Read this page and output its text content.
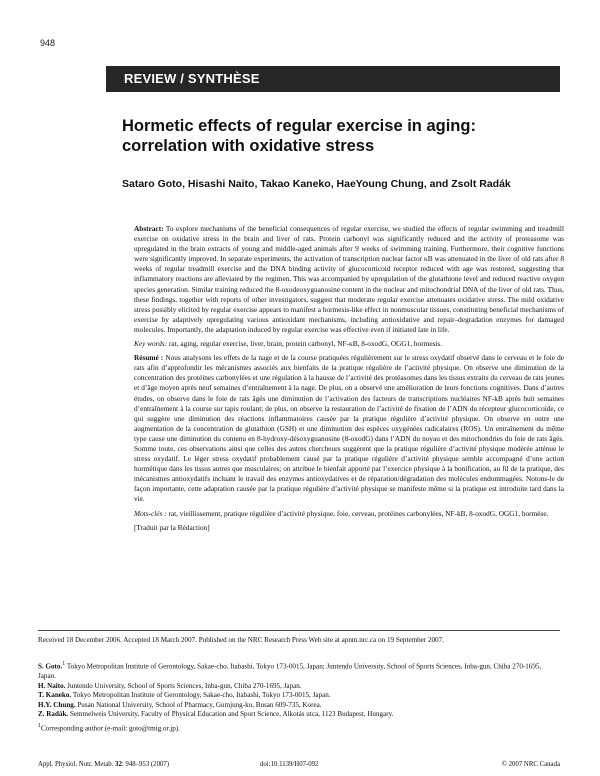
948
REVIEW / SYNTHÈSE
Hormetic effects of regular exercise in aging: correlation with oxidative stress
Sataro Goto, Hisashi Naito, Takao Kaneko, HaeYoung Chung, and Zsolt Radák

Abstract: To explore mechanisms of the beneficial consequences of regular exercise, we studied the effects of regular swimming and treadmill exercise on oxidative stress in the brain and liver of rats. Protein carbonyl was significantly reduced and the activity of proteasome was upregulated in the brain extracts of young and middle-aged animals after 9 weeks of swimming training. Furthermore, their cognitive functions were significantly improved. In separate experiments, the activation of transcription nuclear factor κB was attenuated in the liver of old rats after 8 weeks of regular treadmill exercise and the DNA binding activity of glucocorticoid receptor reduced with age was restored, suggesting that inflammatory reactions are alleviated by the regimen. This was accompanied by upregulation of the glutathione level and reduced reactive oxygen species generation. Similar training reduced the 8-oxodeoxyguanosine content in the nuclear and mitochondrial DNA of the liver of old rats. Thus, these findings, together with reports of other investigators, suggest that moderate regular exercise attenuates oxidative stress. The mild oxidative stress possibly elicited by regular exercise appears to manifest a hormesis-like effect in nonmuscular tissues, constituting beneficial mechanisms of exercise by adaptively upregulating various antioxidant mechanisms, including antioxidative and repair–degradation enzymes for damaged molecules. Importantly, the adaptation induced by regular exercise was effective even if initiated late in life.

Key words: rat, aging, regular exercise, liver, brain, protein carbonyl, NF-κB, 8-oxodG, OGG1, hormesis.

Résumé : Nous analysons les effets de la nage et de la course pratiquées régulièrement sur le stress oxydatif observé dans le cerveau et le foie de rats afin d’approfondir les mécanismes associés aux bienfaits de la pratique régulière de l’activité physique. On observe une diminution de la concentration des protéines carbonylées et une régulation à la hausse de l’activité des protéasomes dans les tissus extraits du cerveau de rats jeunes et d’âge moyen après neuf semaines d’entraînement à la nage. De plus, on a observé une amélioration de leurs fonctions cognitives. Dans d’autres études, on observe dans le foie de rats âgés une diminution de l’activation des facteurs de transcriptions nucléaires NF-kB après huit semaines d’entraînement à la course sur tapis roulant; de plus, on observe la restauration de l’activité de fixation de l’ADN du récepteur glucocorticoïde, ce qui suggère une diminution des réactions inflammatoires causée par la pratique régulière d’activité physique. On observe en outre une augmentation de la concentration de glutathion (GSH) et une diminution des espèces oxygénées radicalaires (ROS). Un entraînement du même type cause une diminution du contenu en 8-hydroxy-désoxyguanosine (8-oxodG) dans l’ADN du noyau et des mitochondries du foie de rats âgés. Somme toute, ces observations ainsi que celles des autres chercheurs suggèrent que la pratique régulière d’activité physique modérée atténue le stress oxydatif. Le léger stress oxydatif probablement causé par la pratique régulière d’activité physique semble accompagné d’une action hormétique dans les tissus autres que musculaires; on attribue le bienfait apporté par l’exercice physique à la bonification, au fil de la pratique, des mécanismes antioxydatifs incluant le travail des enzymes antioxydatives et de réparation/dégradation des molécules endommagées. Notons-le de façon importante, cette adaptation causée par la pratique régulière d’activité physique se manifeste même si la pratique est introduite tard dans la vie.

Mots-clés : rat, vieillissement, pratique régulière d’activité physique, foie, cerveau, protéines carbonylées, NF-kB, 8-oxodG, OGG1, hormèse.

[Traduit par la Rédaction]

Received 18 December 2006. Accepted 18 March 2007. Published on the NRC Research Press Web site at apnm.nrc.ca on 19 September 2007.

S. Goto.$^1$ Tokyo Metropolitan Institute of Gerontology, Sakae-cho, Itabashi, Tokyo 173-0015, Japan; Juntendo University, School of Sports Sciences, Inba-gun, Chiba 270-1695, Japan.

H. Naito. Juntendo University, School of Sports Sciences, Inba-gun, Chiba 270-1695, Japan.

T. Kaneko. Tokyo Metropolitan Institute of Gerontology, Sakae-cho, Itabashi, Tokyo 173-0015, Japan.

H.Y. Chung. Pusan National University, School of Pharmacy, Gumjung-ku, Busan 609-735, Korea.

Z. Radák. Semmelweis University, Faculty of Physical Education and Sport Science, Alkotás utca, 1123 Budapest, Hungary.

$^1$Corresponding author (e-mail: goto@tmig.or.jp).

Appl. Physiol. Nutr. Metab. 32: 948–953 (2007)	doi:10.1139/H07-092	© 2007 NRC Canada
